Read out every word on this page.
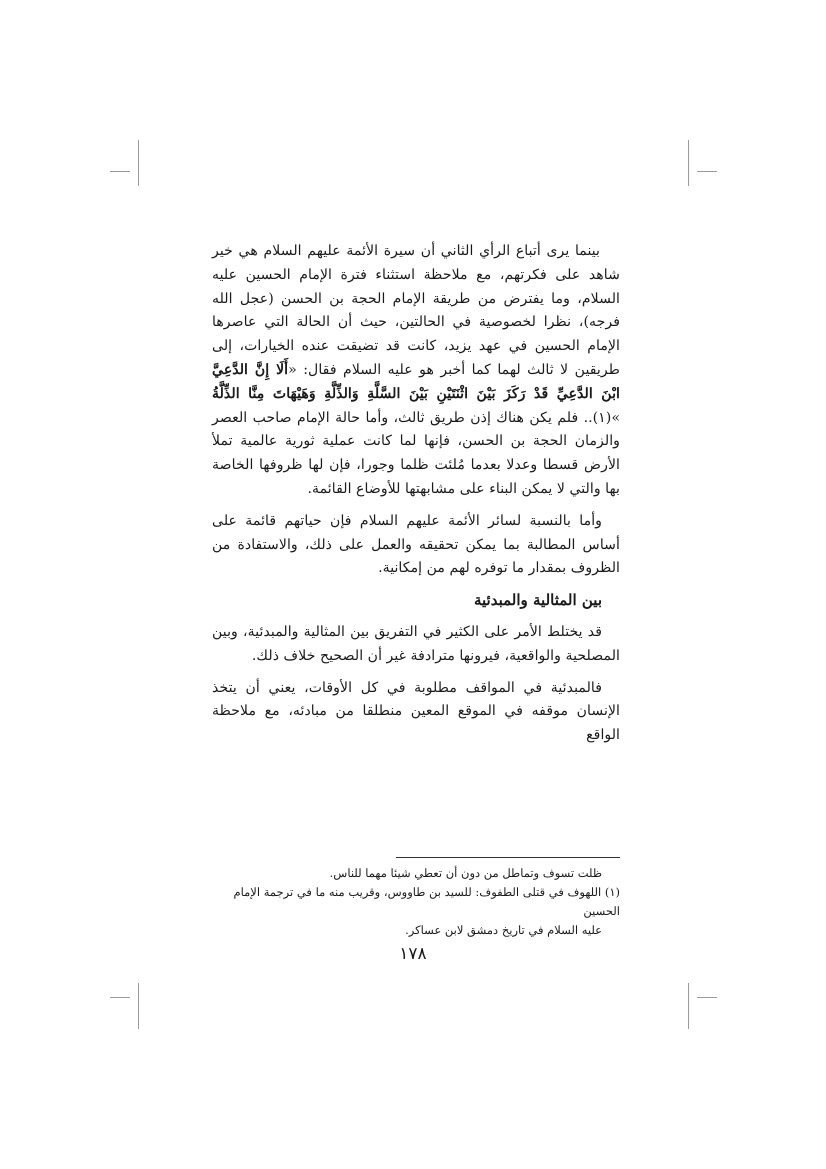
بينما يرى أتباع الرأي الثاني أن سيرة الأئمة عليهم السلام هي خير شاهد على فكرتهم، مع ملاحظة استثناء فترة الإمام الحسين عليه السلام، وما يفترض من طريقة الإمام الحجة بن الحسن (عجل الله فرجه)، نظرا لخصوصية في الحالتين، حيث أن الحالة التي عاصرها الإمام الحسين في عهد يزيد، كانت قد تضيقت عنده الخيارات، إلى طريقين لا ثالث لهما كما أخبر هو عليه السلام فقال: «أَلَا إِنَّ الدَّعِيَّ ابْنَ الدَّعِيِّ قَدْ رَكَزَ بَيْنَ اثْنَتَيْنِ بَيْنَ السَّلَّةِ وَالذِّلَّةِ وَهَيْهَاتَ مِنَّا الذِّلَّةُ »(١).. فلم يكن هناك إذن طريق ثالث، وأما حالة الإمام صاحب العصر والزمان الحجة بن الحسن، فإنها لما كانت عملية ثورية عالمية تملأ الأرض قسطا وعدلا بعدما مُلئت ظلما وجورا، فإن لها ظروفها الخاصة بها والتي لا يمكن البناء على مشابهتها للأوضاع القائمة.

وأما بالنسبة لسائر الأئمة عليهم السلام فإن حياتهم قائمة على أساس المطالبة بما يمكن تحقيقه والعمل على ذلك، والاستفادة من الظروف بمقدار ما توفره لهم من إمكانية.

بين المثالية والمبدئية

قد يختلط الأمر على الكثير في التفريق بين المثالية والمبدئية، وبين المصلحية والواقعية، فيرونها مترادفة غير أن الصحيح خلاف ذلك.

فالمبدئية في المواقف مطلوبة في كل الأوقات، يعني أن يتخذ الإنسان موقفه في الموقع المعين منطلقا من مبادئه، مع ملاحظة الواقع

ظلت تسوف وتماطل من دون أن تعطي شيئا مهما للناس.

(١) اللهوف في قتلى الطفوف: للسيد بن طاووس، وقريب منه ما في ترجمة الإمام الحسين

عليه السلام في تاريخ دمشق لابن عساكر.

١٧٨
